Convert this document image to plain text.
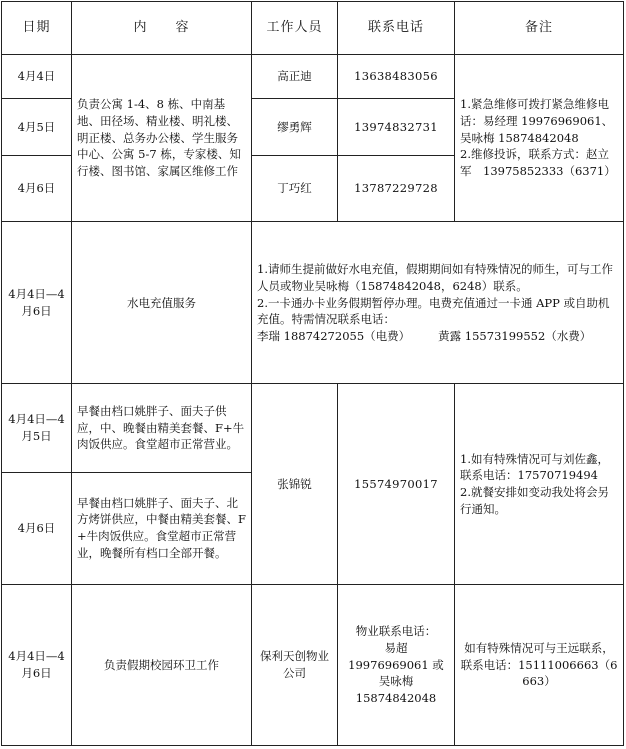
日期	内　　容	工作人员	联系电话	备注
4月4日	负责公寓 1-4、8 栋、中南基地、田径场、精业楼、明礼楼、明正楼、总务办公楼、学生服务中心、公寓 5-7 栋，专家楼、知行楼、图书馆、家属区维修工作	高正迪	13638483056	1.紧急维修可拨打紧急维修电话：易经理 19976969061、吴咏梅 15874842048

2.维修投诉，联系方式：赵立军　13975852333（6371）

4月5日		缪勇辉	13974832731	
4月6日		丁巧红	13787229728	
4月4日—4月6日	水电充值服务	1.请师生提前做好水电充值，假期期间如有特殊情况的师生，可与工作人员或物业吴咏梅（15874842048，6248）联系。

2.一卡通办卡业务假期暂停办理。电费充值通过一卡通 APP 或自助机充值。特需情况联系电话：

李瑞 18874272055（电费） 黄露 15573199552（水费）		

4月4日—4月5日	早餐由档口姚胖子、面夫子供应，中、晚餐由精美套餐、F+牛肉饭供应。食堂超市正常营业。	张锦锐	15574970017	1.如有特殊情况可与刘佐鑫，联系电话：17570719494

2.就餐安排如变动我处将会另行通知。

4月6日	早餐由档口姚胖子、面夫子、北方烤饼供应，中餐由精美套餐、F+牛肉饭供应。食堂超市正常营业，晚餐所有档口全部开餐。			
4月4日—4月6日	负责假期校园环卫工作	保利天创物业公司	物业联系电话：
易超
19976969061 或
吴咏梅
15874842048	如有特殊情况可与王远联系，联系电话：15111006663（6663）
